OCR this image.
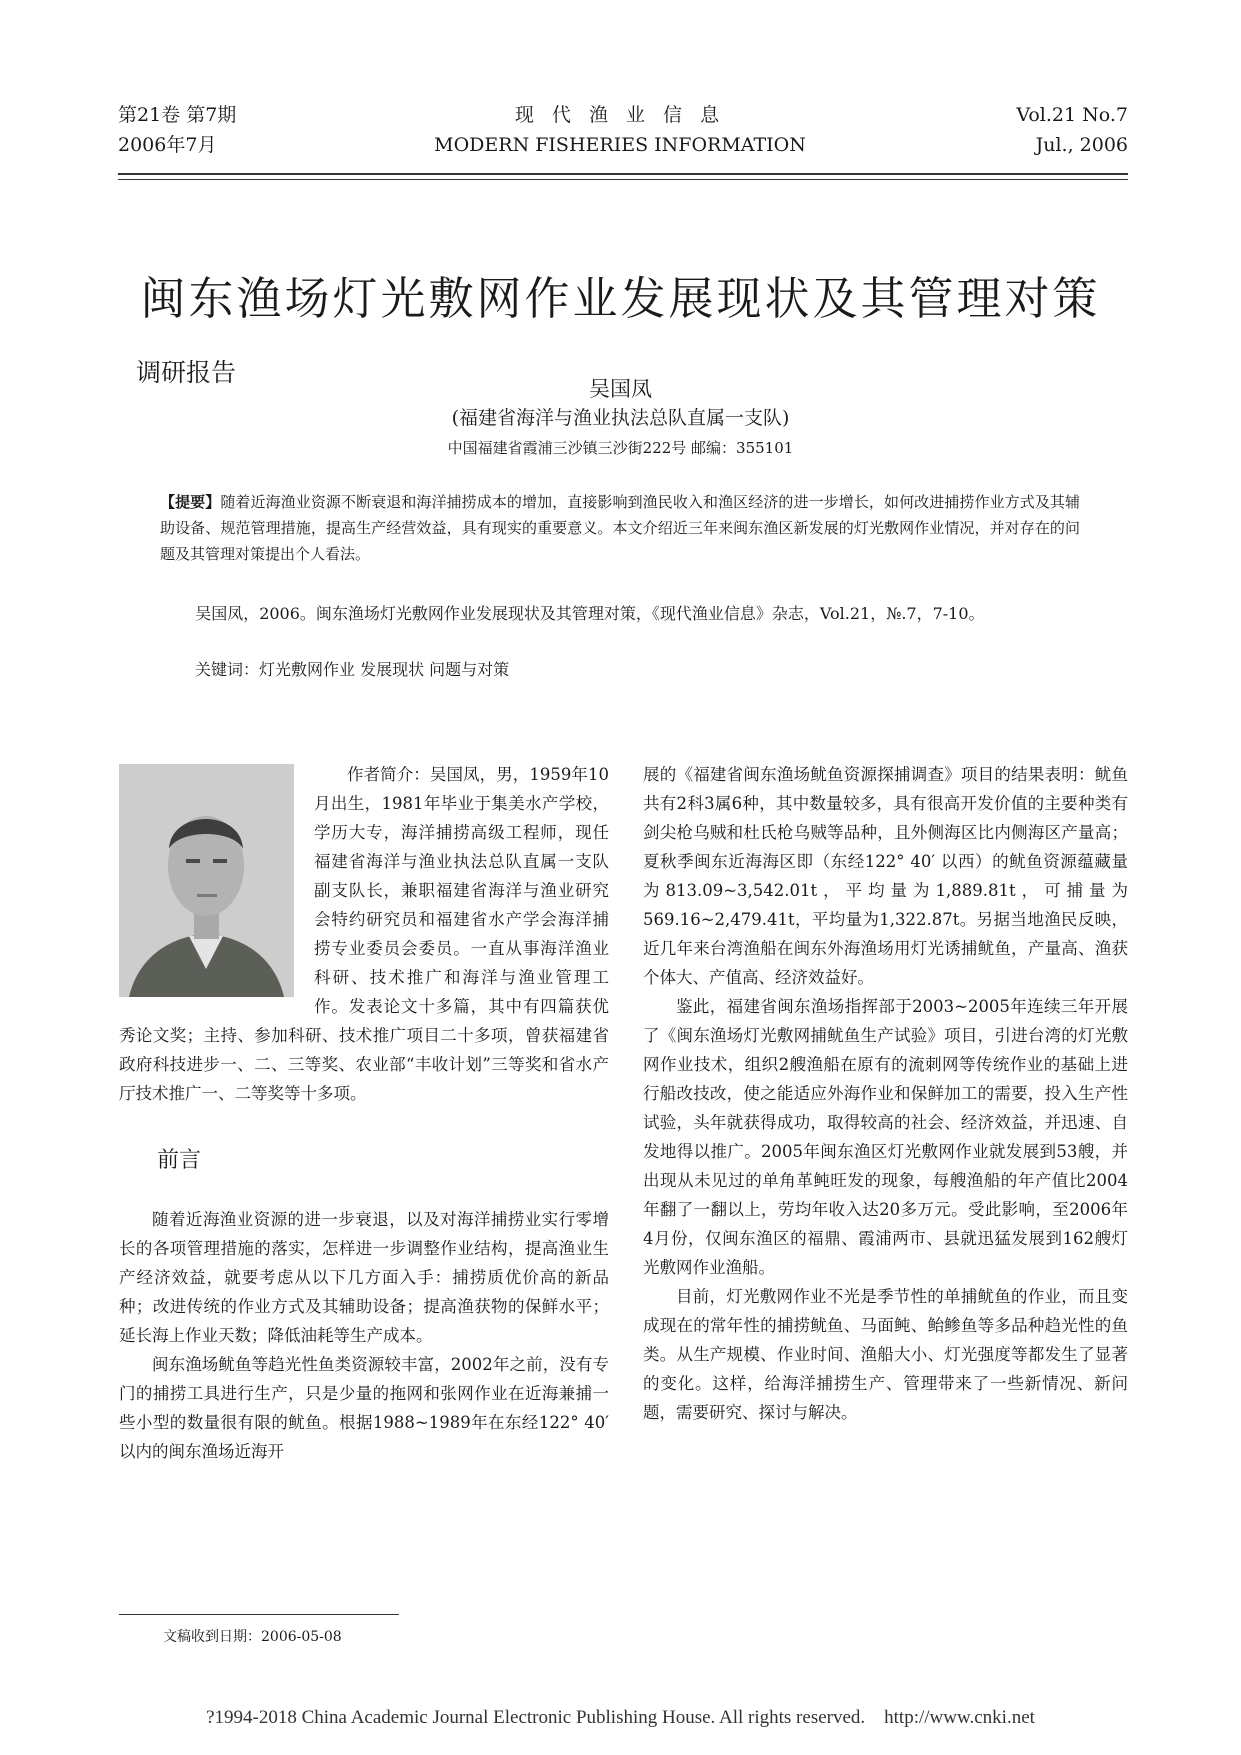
第21卷 第7期
2006年7月
现 代 渔 业 信 息
MODERN FISHERIES INFORMATION
Vol.21 No.7
Jul., 2006
闽东渔场灯光敷网作业发展现状及其管理对策
调研报告
吴国凤
(福建省海洋与渔业执法总队直属一支队)
中国福建省霞浦三沙镇三沙街222号 邮编：355101
【提要】随着近海渔业资源不断衰退和海洋捕捞成本的增加，直接影响到渔民收入和渔区经济的进一步增长，如何改进捕捞作业方式及其辅助设备、规范管理措施，提高生产经营效益，具有现实的重要意义。本文介绍近三年来闽东渔区新发展的灯光敷网作业情况，并对存在的问题及其管理对策提出个人看法。
吴国凤，2006。闽东渔场灯光敷网作业发展现状及其管理对策，《现代渔业信息》杂志，Vol.21，№.7，7-10。
关键词：灯光敷网作业 发展现状 问题与对策

作者简介：吴国凤，男，1959年10月出生，1981年毕业于集美水产学校，学历大专，海洋捕捞高级工程师，现任福建省海洋与渔业执法总队直属一支队副支队长，兼职福建省海洋与渔业研究会特约研究员和福建省水产学会海洋捕捞专业委员会委员。一直从事海洋渔业科研、技术推广和海洋与渔业管理工作。发表论文十多篇，其中有四篇获优秀论文奖；主持、参加科研、技术推广项目二十多项，曾获福建省政府科技进步一、二、三等奖、农业部“丰收计划”三等奖和省水产厅技术推广一、二等奖等十多项。

前言

随着近海渔业资源的进一步衰退，以及对海洋捕捞业实行零增长的各项管理措施的落实，怎样进一步调整作业结构，提高渔业生产经济效益，就要考虑从以下几方面入手：捕捞质优价高的新品种；改进传统的作业方式及其辅助设备；提高渔获物的保鲜水平；延长海上作业天数；降低油耗等生产成本。

闽东渔场鱿鱼等趋光性鱼类资源较丰富，2002年之前，没有专门的捕捞工具进行生产，只是少量的拖网和张网作业在近海兼捕一些小型的数量很有限的鱿鱼。根据1988~1989年在东经122° 40′ 以内的闽东渔场近海开

展的《福建省闽东渔场鱿鱼资源探捕调查》项目的结果表明：鱿鱼共有2科3属6种，其中数量较多，具有很高开发价值的主要种类有剑尖枪乌贼和杜氏枪乌贼等品种，且外侧海区比内侧海区产量高；夏秋季闽东近海海区即（东经122° 40′ 以西）的鱿鱼资源蕴藏量为813.09~3,542.01t，平均量为1,889.81t，可捕量为569.16~2,479.41t，平均量为1,322.87t。另据当地渔民反映，近几年来台湾渔船在闽东外海渔场用灯光诱捕鱿鱼，产量高、渔获个体大、产值高、经济效益好。

鉴此，福建省闽东渔场指挥部于2003~2005年连续三年开展了《闽东渔场灯光敷网捕鱿鱼生产试验》项目，引进台湾的灯光敷网作业技术，组织2艘渔船在原有的流刺网等传统作业的基础上进行船改技改，使之能适应外海作业和保鲜加工的需要，投入生产性试验，头年就获得成功，取得较高的社会、经济效益，并迅速、自发地得以推广。2005年闽东渔区灯光敷网作业就发展到53艘，并出现从未见过的单角革鲀旺发的现象，每艘渔船的年产值比2004年翻了一翻以上，劳均年收入达20多万元。受此影响，至2006年4月份，仅闽东渔区的福鼎、霞浦两市、县就迅猛发展到162艘灯光敷网作业渔船。

目前，灯光敷网作业不光是季节性的单捕鱿鱼的作业，而且变成现在的常年性的捕捞鱿鱼、马面鲀、鲐鲹鱼等多品种趋光性的鱼类。从生产规模、作业时间、渔船大小、灯光强度等都发生了显著的变化。这样，给海洋捕捞生产、管理带来了一些新情况、新问题，需要研究、探讨与解决。

文稿收到日期：2006-05-08
?1994-2018 China Academic Journal Electronic Publishing House. All rights reserved.    http://www.cnki.net
